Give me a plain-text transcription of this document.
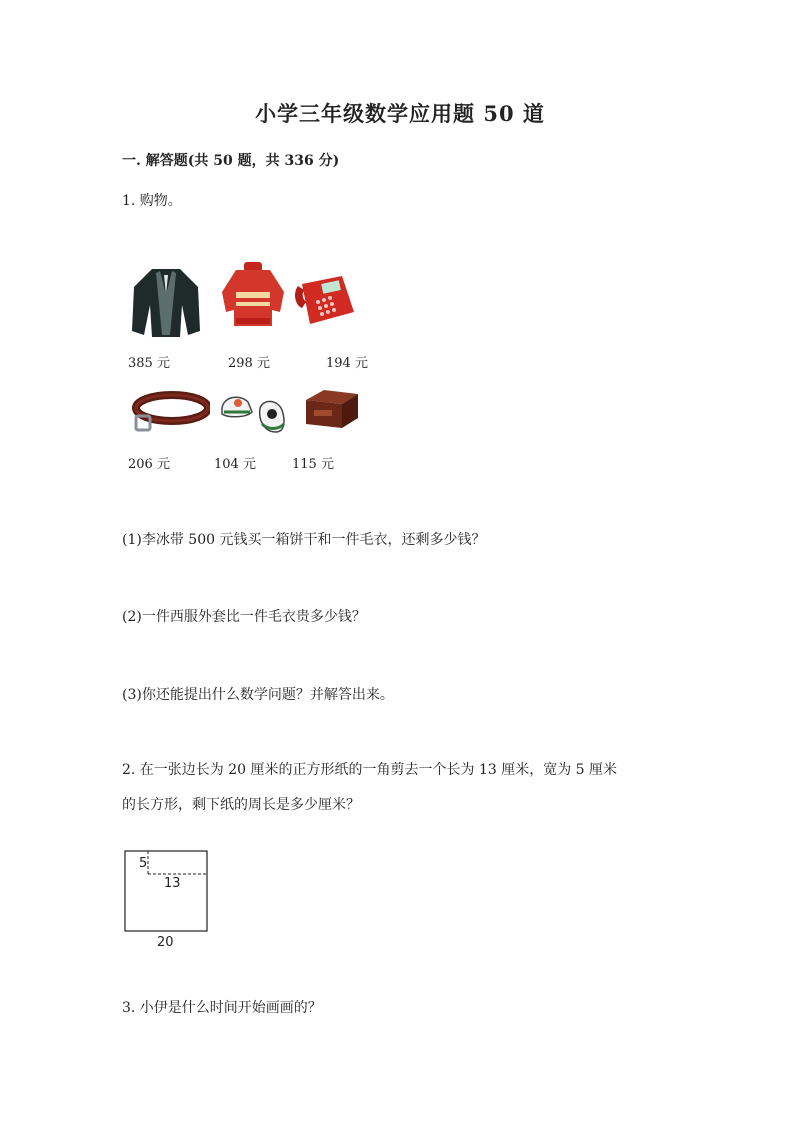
小学三年级数学应用题 50 道
一. 解答题(共 50 题，共 336 分)
1. 购物。
385 元	298 元	194 元
206 元	104 元	115 元
(1)李冰带 500 元钱买一箱饼干和一件毛衣，还剩多少钱？
(2)一件西服外套比一件毛衣贵多少钱？
(3)你还能提出什么数学问题？并解答出来。
2. 在一张边长为 20 厘米的正方形纸的一角剪去一个长为 13 厘米，宽为 5 厘米
的长方形，剩下纸的周长是多少厘米？
5
13
20
3. 小伊是什么时间开始画画的？
